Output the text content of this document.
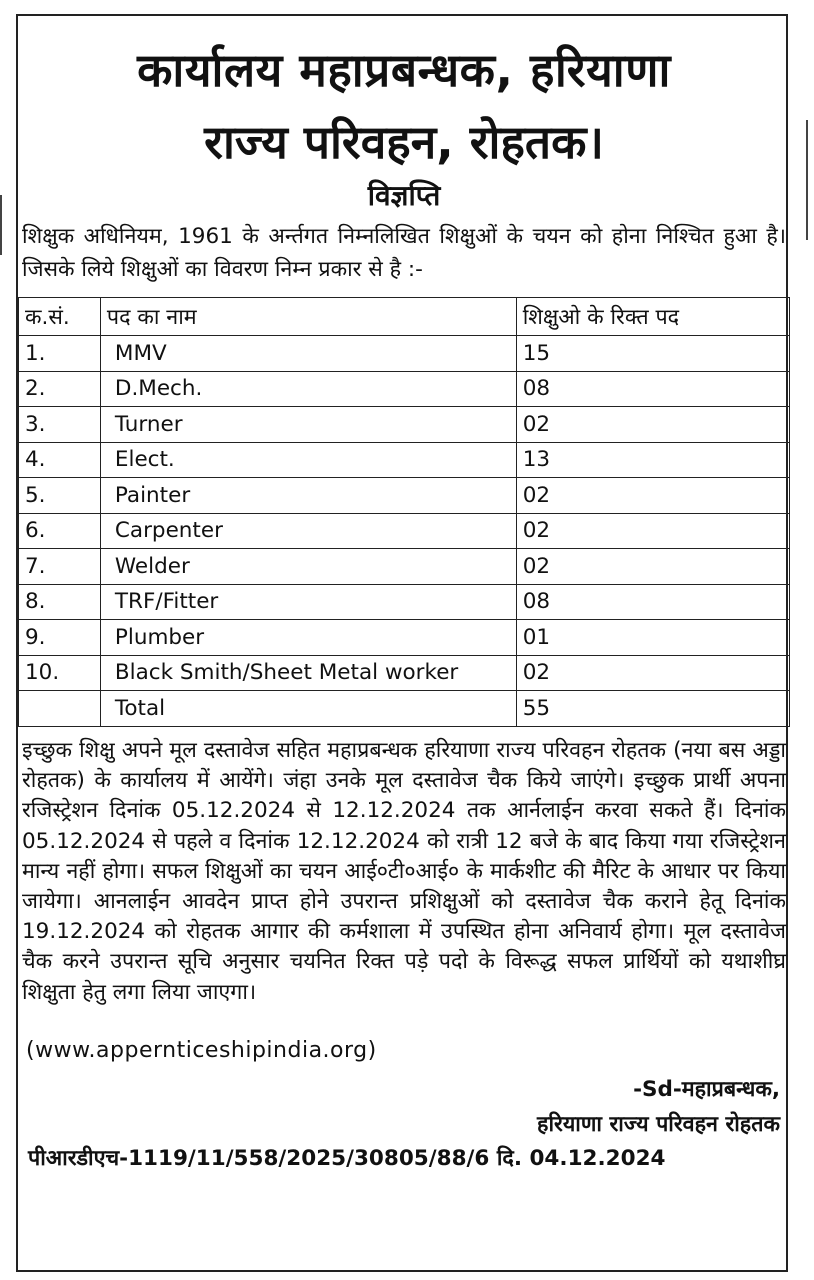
कार्यालय महाप्रबन्धक, हरियाणा
राज्य परिवहन, रोहतक।
विज्ञप्ति
शिक्षुक अधिनियम, 1961 के अर्न्तगत निम्नलिखित शिक्षुओं के चयन को होना निश्चित हुआ है। जिसके लिये शिक्षुओं का विवरण निम्न प्रकार से है :-
क.सं.	पद का नाम	शिक्षुओ के रिक्त पद
1.	MMV	15
2.	D.Mech.	08
3.	Turner	02
4.	Elect.	13
5.	Painter	02
6.	Carpenter	02
7.	Welder	02
8.	TRF/Fitter	08
9.	Plumber	01
10.	Black Smith/Sheet Metal worker	02
	Total	55
इच्छुक शिक्षु अपने मूल दस्तावेज सहित महाप्रबन्धक हरियाणा राज्य परिवहन रोहतक (नया बस अड्डा रोहतक) के कार्यालय में आयेंगे। जंहा उनके मूल दस्तावेज चैक किये जाएंगे। इच्छुक प्रार्थी अपना रजिस्ट्रेशन दिनांक 05.12.2024 से 12.12.2024 तक आर्नलाईन करवा सकते हैं। दिनांक 05.12.2024 से पहले व दिनांक 12.12.2024 को रात्री 12 बजे के बाद किया गया रजिस्ट्रेशन मान्य नहीं होगा। सफल शिक्षुओं का चयन आई०टी०आई० के मार्कशीट की मैरिट के आधार पर किया जायेगा। आनलाईन आवदेन प्राप्त होने उपरान्त प्रशिक्षुओं को दस्तावेज चैक कराने हेतू दिनांक 19.12.2024 को रोहतक आगार की कर्मशाला में उपस्थित होना अनिवार्य होगा। मूल दस्तावेज चैक करने उपरान्त सूचि अनुसार चयनित रिक्त पड़े पदो के विरूद्ध सफल प्रार्थियों को यथाशीघ्र शिक्षुता हेतु लगा लिया जाएगा।
(www.appernticeshipindia.org)
-Sd-महाप्रबन्धक,
हरियाणा राज्य परिवहन रोहतक
पीआरडीएच-1119/11/558/2025/30805/88/6 दि. 04.12.2024
